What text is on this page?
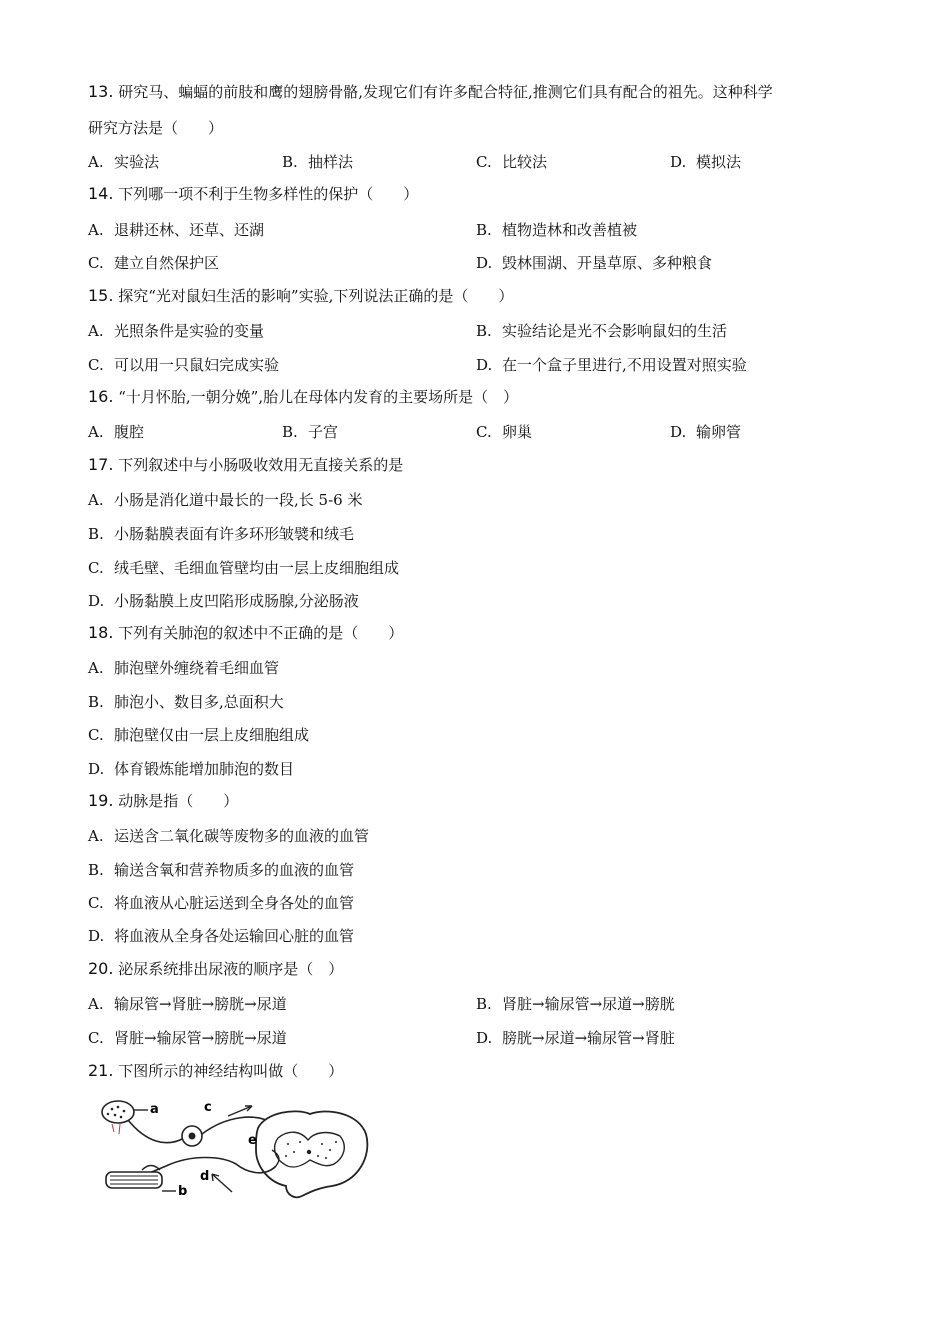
13. 研究马、蝙蝠的前肢和鹰的翅膀骨骼,发现它们有许多配合特征,推测它们具有配合的祖先。这种科学
研究方法是（　　）
A. 实验法	B. 抽样法	C. 比较法	D. 模拟法
14. 下列哪一项不利于生物多样性的保护（　　）
A. 退耕还林、还草、还湖	B. 植物造林和改善植被
C. 建立自然保护区	D. 毁林围湖、开垦草原、多种粮食
15. 探究“光对鼠妇生活的影响”实验,下列说法正确的是（　　）
A. 光照条件是实验的变量	B. 实验结论是光不会影响鼠妇的生活
C. 可以用一只鼠妇完成实验	D. 在一个盒子里进行,不用设置对照实验
16. “十月怀胎,一朝分娩”,胎儿在母体内发育的主要场所是（　）
A. 腹腔	B. 子宫	C. 卵巢	D. 输卵管
17. 下列叙述中与小肠吸收效用无直接关系的是
A. 小肠是消化道中最长的一段,长 5-6 米
B. 小肠黏膜表面有许多环形皱襞和绒毛
C. 绒毛壁、毛细血管壁均由一层上皮细胞组成
D. 小肠黏膜上皮凹陷形成肠腺,分泌肠液
18. 下列有关肺泡的叙述中不正确的是（　　）
A. 肺泡壁外缠绕着毛细血管
B. 肺泡小、数目多,总面积大
C. 肺泡壁仅由一层上皮细胞组成
D. 体育锻炼能增加肺泡的数目
19. 动脉是指（　　）
A. 运送含二氧化碳等废物多的血液的血管
B. 输送含氧和营养物质多的血液的血管
C. 将血液从心脏运送到全身各处的血管
D. 将血液从全身各处运输回心脏的血管
20. 泌尿系统排出尿液的顺序是（　）
A. 输尿管→肾脏→膀胱→尿道	B. 肾脏→输尿管→尿道→膀胱
C. 肾脏→输尿管→膀胱→尿道	D. 膀胱→尿道→输尿管→肾脏
21. 下图所示的神经结构叫做（　　）
a	c
e
d
b
